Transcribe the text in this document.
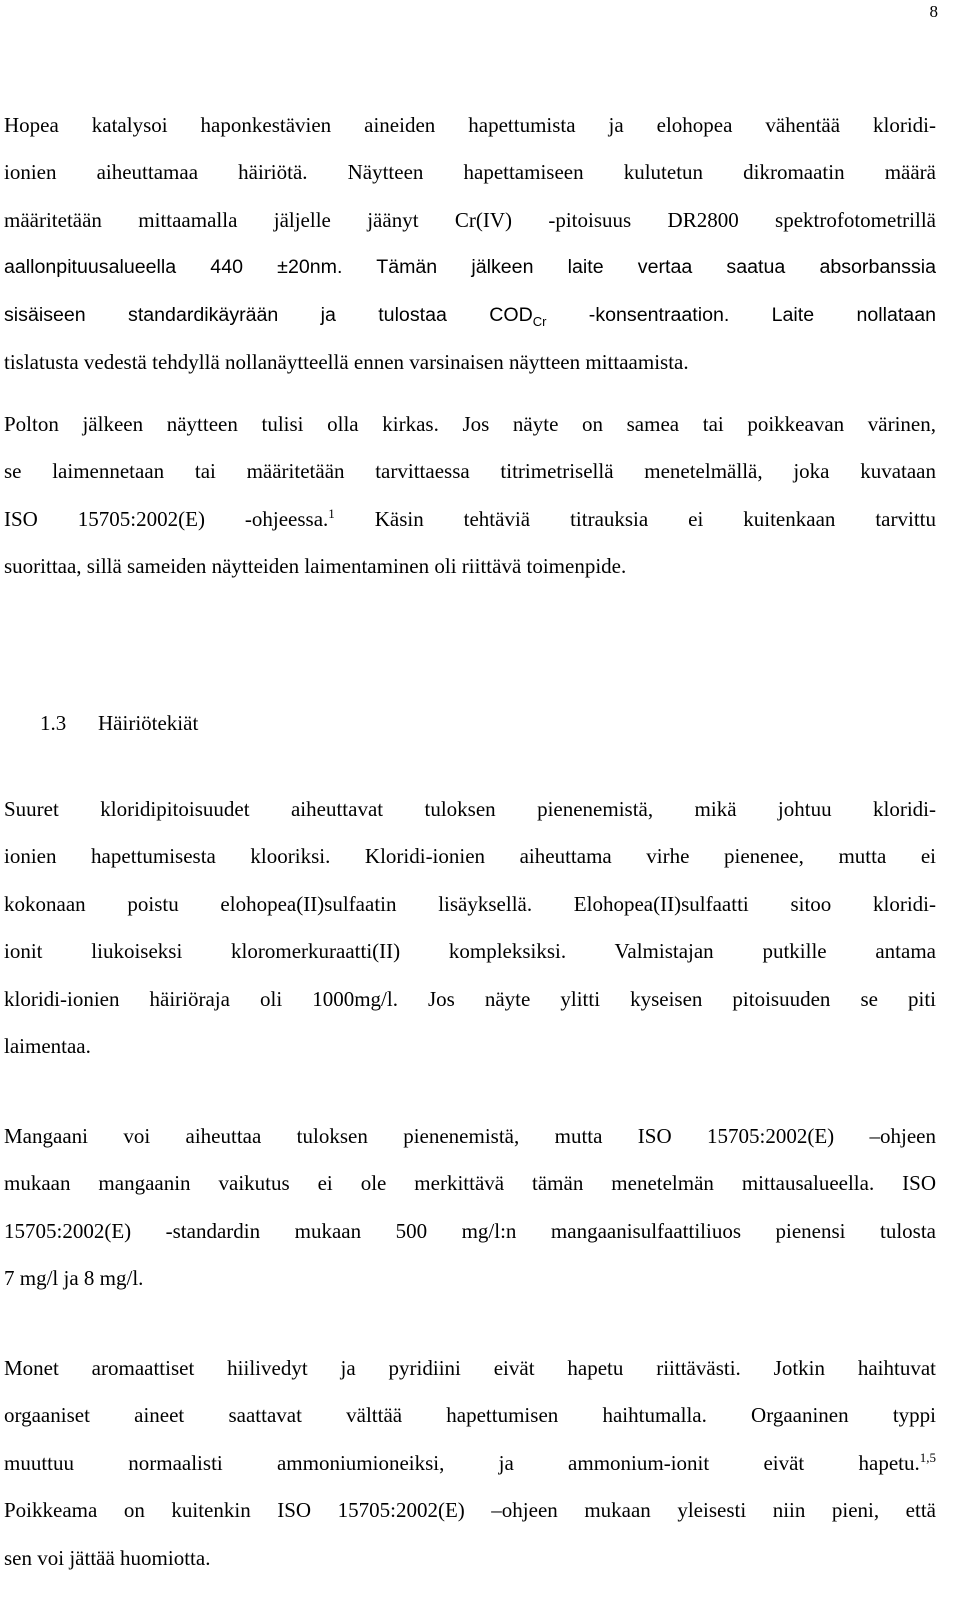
8
Hopea katalysoi haponkestävien aineiden hapettumista ja elohopea vähentää kloridi-
ionien aiheuttamaa häiriötä. Näytteen hapettamiseen kulutetun dikromaatin määrä
määritetään mittaamalla jäljelle jäänyt Cr(IV) -pitoisuus DR2800 spektrofotometrillä
aallonpituusalueella 440 ±20nm. Tämän jälkeen laite vertaa saatua absorbanssia
sisäiseen standardikäyrään ja tulostaa $COD_{Cr}$ -konsentraation. Laite nollataan
tislatusta vedestä tehdyllä nollanäytteellä ennen varsinaisen näytteen mittaamista.
Polton jälkeen näytteen tulisi olla kirkas. Jos näyte on samea tai poikkeavan värinen,
se laimennetaan tai määritetään tarvittaessa titrimetrisellä menetelmällä, joka kuvataan
ISO 15705:2002(E) -ohjeessa.$^1$ Käsin tehtäviä titrauksia ei kuitenkaan tarvittu
suorittaa, sillä sameiden näytteiden laimentaminen oli riittävä toimenpide.
1.3 Häiriötekiät
Suuret kloridipitoisuudet aiheuttavat tuloksen pienenemistä, mikä johtuu kloridi-
ionien hapettumisesta klooriksi. Kloridi-ionien aiheuttama virhe pienenee, mutta ei
kokonaan poistu elohopea(II)sulfaatin lisäyksellä. Elohopea(II)sulfaatti sitoo kloridi-
ionit liukoiseksi kloromerkuraatti(II) kompleksiksi. Valmistajan putkille antama
kloridi-ionien häiriöraja oli 1000mg/l. Jos näyte ylitti kyseisen pitoisuuden se piti
laimentaa.
Mangaani voi aiheuttaa tuloksen pienenemistä, mutta ISO 15705:2002(E) –ohjeen
mukaan mangaanin vaikutus ei ole merkittävä tämän menetelmän mittausalueella. ISO
15705:2002(E) -standardin mukaan 500 mg/l:n mangaanisulfaattiliuos pienensi tulosta
7 mg/l ja 8 mg/l.
Monet aromaattiset hiilivedyt ja pyridiini eivät hapetu riittävästi. Jotkin haihtuvat
orgaaniset aineet saattavat välttää hapettumisen haihtumalla. Orgaaninen typpi
muuttuu normaalisti ammoniumioneiksi, ja ammonium-ionit eivät hapetu.$^{1,5}$
Poikkeama on kuitenkin ISO 15705:2002(E) –ohjeen mukaan yleisesti niin pieni, että
sen voi jättää huomiotta.
